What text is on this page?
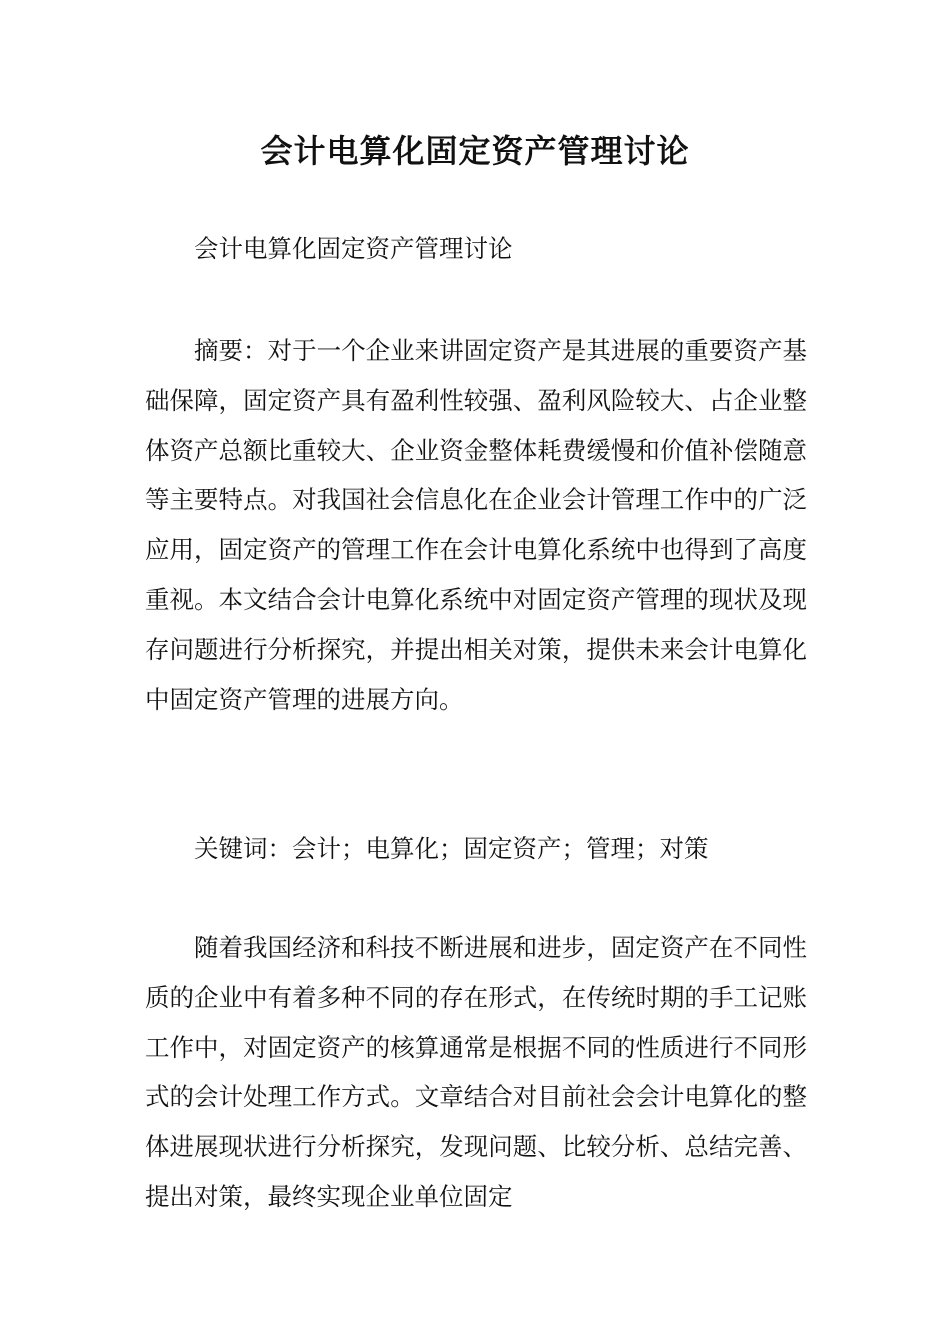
会计电算化固定资产管理讨论

会计电算化固定资产管理讨论

摘要：对于一个企业来讲固定资产是其进展的重要资产基础保障，固定资产具有盈利性较强、盈利风险较大、占企业整体资产总额比重较大、企业资金整体耗费缓慢和价值补偿随意等主要特点。对我国社会信息化在企业会计管理工作中的广泛应用，固定资产的管理工作在会计电算化系统中也得到了高度重视。本文结合会计电算化系统中对固定资产管理的现状及现存问题进行分析探究，并提出相关对策，提供未来会计电算化中固定资产管理的进展方向。

关键词：会计；电算化；固定资产；管理；对策

随着我国经济和科技不断进展和进步，固定资产在不同性质的企业中有着多种不同的存在形式，在传统时期的手工记账工作中，对固定资产的核算通常是根据不同的性质进行不同形式的会计处理工作方式。文章结合对目前社会会计电算化的整体进展现状进行分析探究，发现问题、比较分析、总结完善、提出对策，最终实现企业单位固定
